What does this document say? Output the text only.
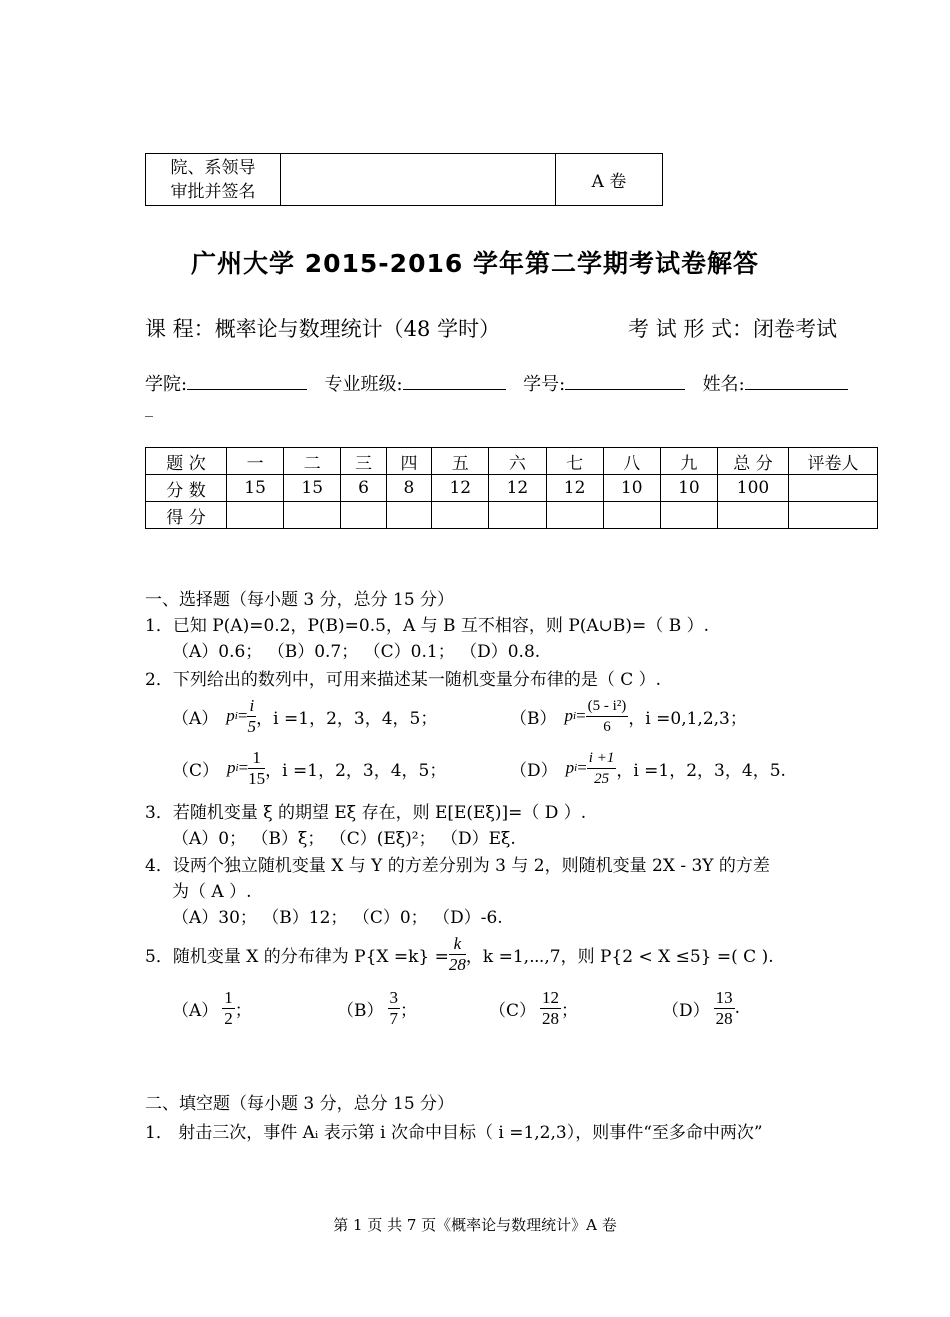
院、系领导
审批并签名		A 卷
广州大学 2015-2016 学年第二学期考试卷解答
课 程：概率论与数理统计（48 学时）	考 试 形 式：闭卷考试
学院:	专业班级:	学号:	姓名:
_
题 次	一	二	三	四	五	六	七	八	九	总 分	评卷人
分 数	15	15	6	8	12	12	12	10	10	100	
得 分											
一、选择题（每小题 3 分，总分 15 分）
1．已知 P(A)=0.2，P(B)=0.5，A 与 B 互不相容，则 P(A∪B)=（ B ）.
（A）0.6； （B）0.7； （C）0.1； （D）0.8.
2．下列给出的数列中，可用来描述某一随机变量分布律的是（ C ）.
（A） p $i = \frac{i}{5}$ ，i =1，2，3，4，5；	（B） p $i = \frac{\text{(5 - i²)}}{6}$ ，i =0,1,2,3；
（C） p $i = \frac{1}{15}$ ，i =1，2，3，4，5；	（D） p $i = \frac{i +1}{25}$ ，i =1，2，3，4，5.
3．若随机变量 ξ 的期望 Eξ 存在，则 E[E(Eξ)]=（ D ）.
（A）0； （B）ξ； （C）(Eξ)²； （D）Eξ.
4．设两个独立随机变量 X 与 Y 的方差分别为 3 与 2，则随机变量 2X - 3Y 的方差
为（ A ）.
（A）30； （B）12； （C）0； （D）-6.
5．随机变量 X 的分布律为 $P\{X =k\} = \frac{k}{28}$ ，k =1,⋯,7，则 P{2 < X ≤5} =( C ).
$(A) \frac{1}{2}$ ；	$(B) \frac{3}{7}$ ；	$(C) \frac{12}{28}$ ；	$(D) \frac{13}{28}$ .
二、填空题（每小题 3 分，总分 15 分）
1． 射击三次，事件 Aᵢ 表示第 i 次命中目标（ i =1,2,3），则事件“至多命中两次”
第 1 页 共 7 页《概率论与数理统计》A 卷
